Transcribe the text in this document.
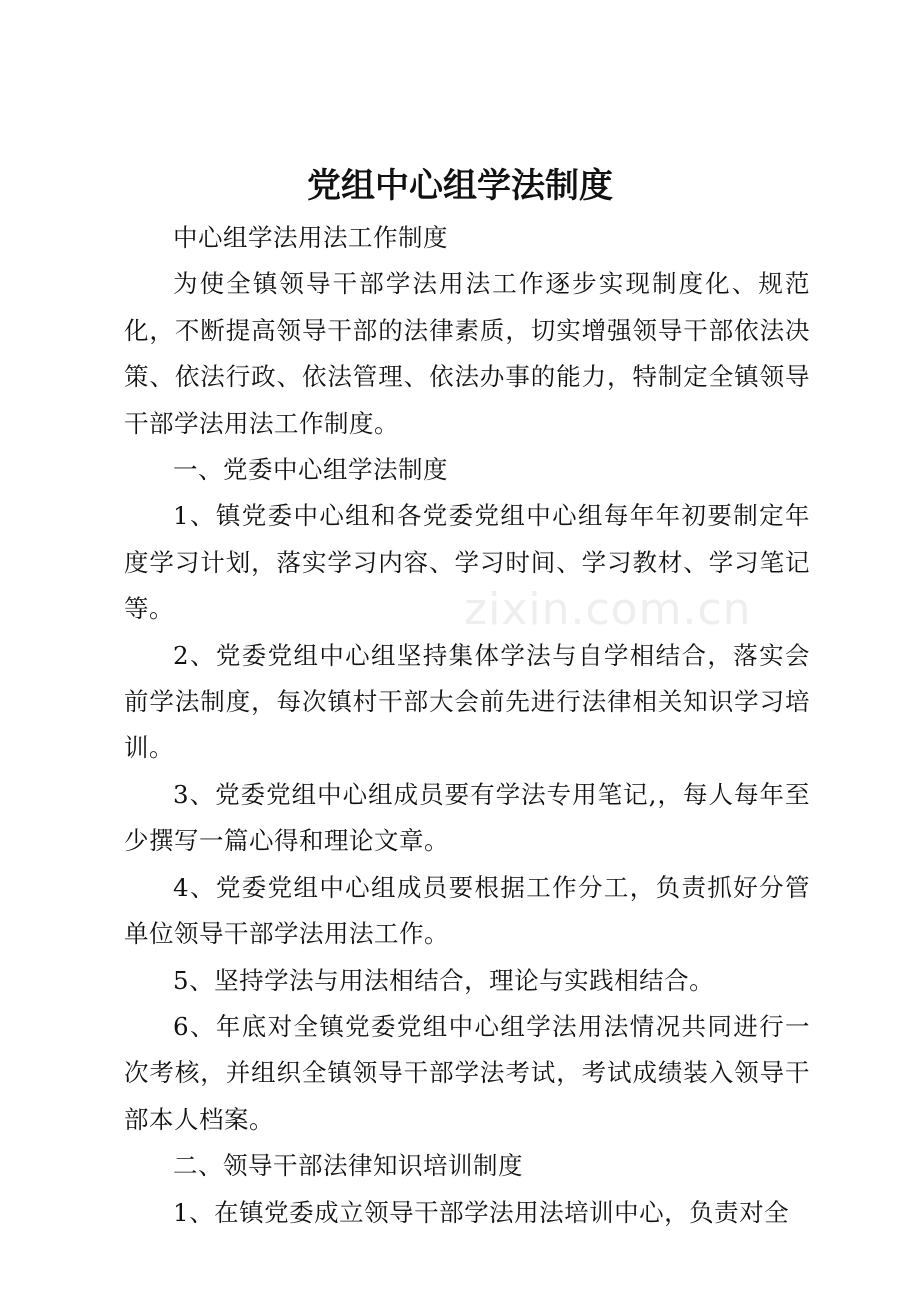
党组中心组学法制度

中心组学法用法工作制度

为使全镇领导干部学法用法工作逐步实现制度化、规范化，不断提高领导干部的法律素质，切实增强领导干部依法决策、依法行政、依法管理、依法办事的能力，特制定全镇领导干部学法用法工作制度。

一、党委中心组学法制度

1、镇党委中心组和各党委党组中心组每年年初要制定年度学习计划，落实学习内容、学习时间、学习教材、学习笔记等。

2、党委党组中心组坚持集体学法与自学相结合，落实会前学法制度，每次镇村干部大会前先进行法律相关知识学习培训。

3、党委党组中心组成员要有学法专用笔记,，每人每年至少撰写一篇心得和理论文章。

4、党委党组中心组成员要根据工作分工，负责抓好分管单位领导干部学法用法工作。

5、坚持学法与用法相结合，理论与实践相结合。

6、年底对全镇党委党组中心组学法用法情况共同进行一次考核，并组织全镇领导干部学法考试，考试成绩装入领导干部本人档案。

二、领导干部法律知识培训制度

1、在镇党委成立领导干部学法用法培训中心，负责对全

zixin.com.cn
